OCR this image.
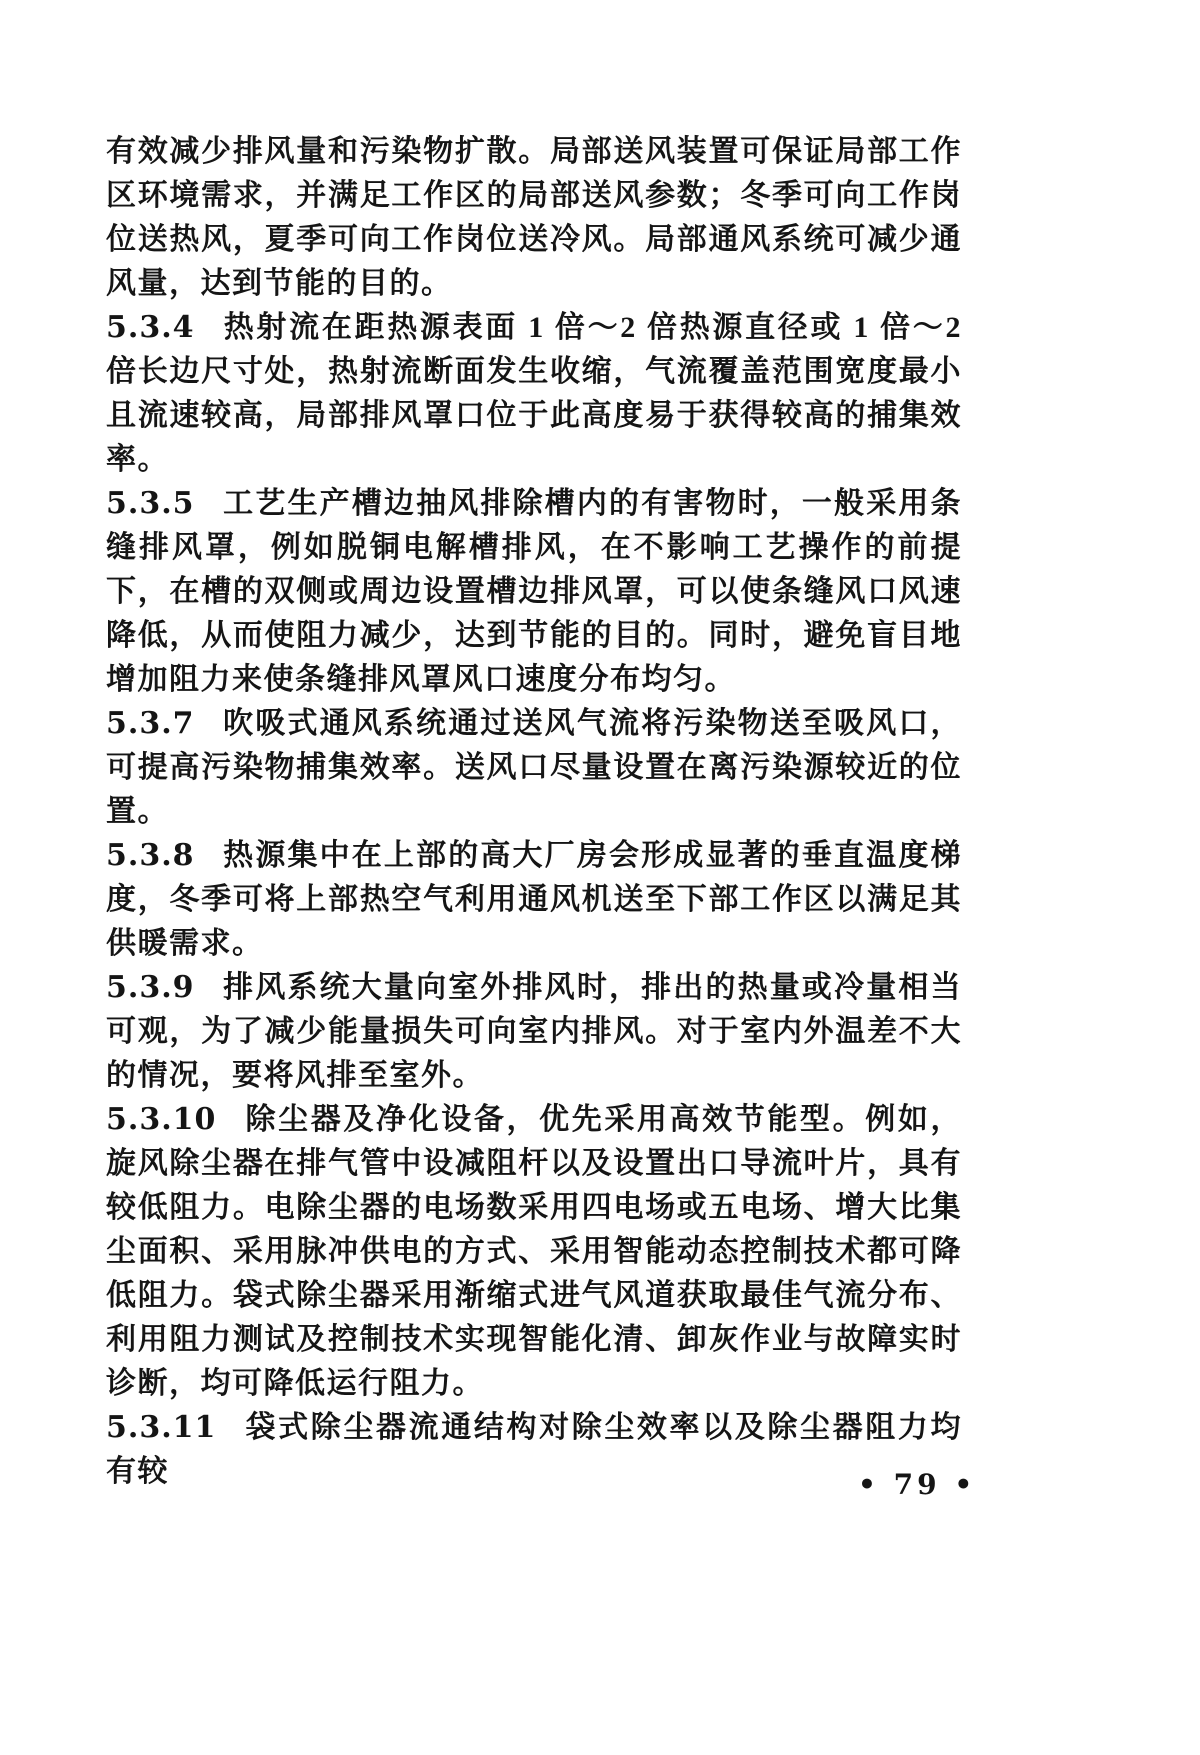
有效减少排风量和污染物扩散。局部送风装置可保证局部工作区环境需求，并满足工作区的局部送风参数；冬季可向工作岗位送热风，夏季可向工作岗位送冷风。局部通风系统可减少通风量，达到节能的目的。

5.3.4 热射流在距热源表面 1 倍～2 倍热源直径或 1 倍～2 倍长边尺寸处，热射流断面发生收缩，气流覆盖范围宽度最小且流速较高，局部排风罩口位于此高度易于获得较高的捕集效率。

5.3.5 工艺生产槽边抽风排除槽内的有害物时，一般采用条缝排风罩，例如脱铜电解槽排风，在不影响工艺操作的前提下，在槽的双侧或周边设置槽边排风罩，可以使条缝风口风速降低，从而使阻力减少，达到节能的目的。同时，避免盲目地增加阻力来使条缝排风罩风口速度分布均匀。

5.3.7 吹吸式通风系统通过送风气流将污染物送至吸风口，可提高污染物捕集效率。送风口尽量设置在离污染源较近的位置。

5.3.8 热源集中在上部的高大厂房会形成显著的垂直温度梯度，冬季可将上部热空气利用通风机送至下部工作区以满足其供暖需求。

5.3.9 排风系统大量向室外排风时，排出的热量或冷量相当可观，为了减少能量损失可向室内排风。对于室内外温差不大的情况，要将风排至室外。

5.3.10 除尘器及净化设备，优先采用高效节能型。例如，旋风除尘器在排气管中设减阻杆以及设置出口导流叶片，具有较低阻力。电除尘器的电场数采用四电场或五电场、增大比集尘面积、采用脉冲供电的方式、采用智能动态控制技术都可降低阻力。袋式除尘器采用渐缩式进气风道获取最佳气流分布、利用阻力测试及控制技术实现智能化清、卸灰作业与故障实时诊断，均可降低运行阻力。

5.3.11 袋式除尘器流通结构对除尘效率以及除尘器阻力均有较	• 79 •
